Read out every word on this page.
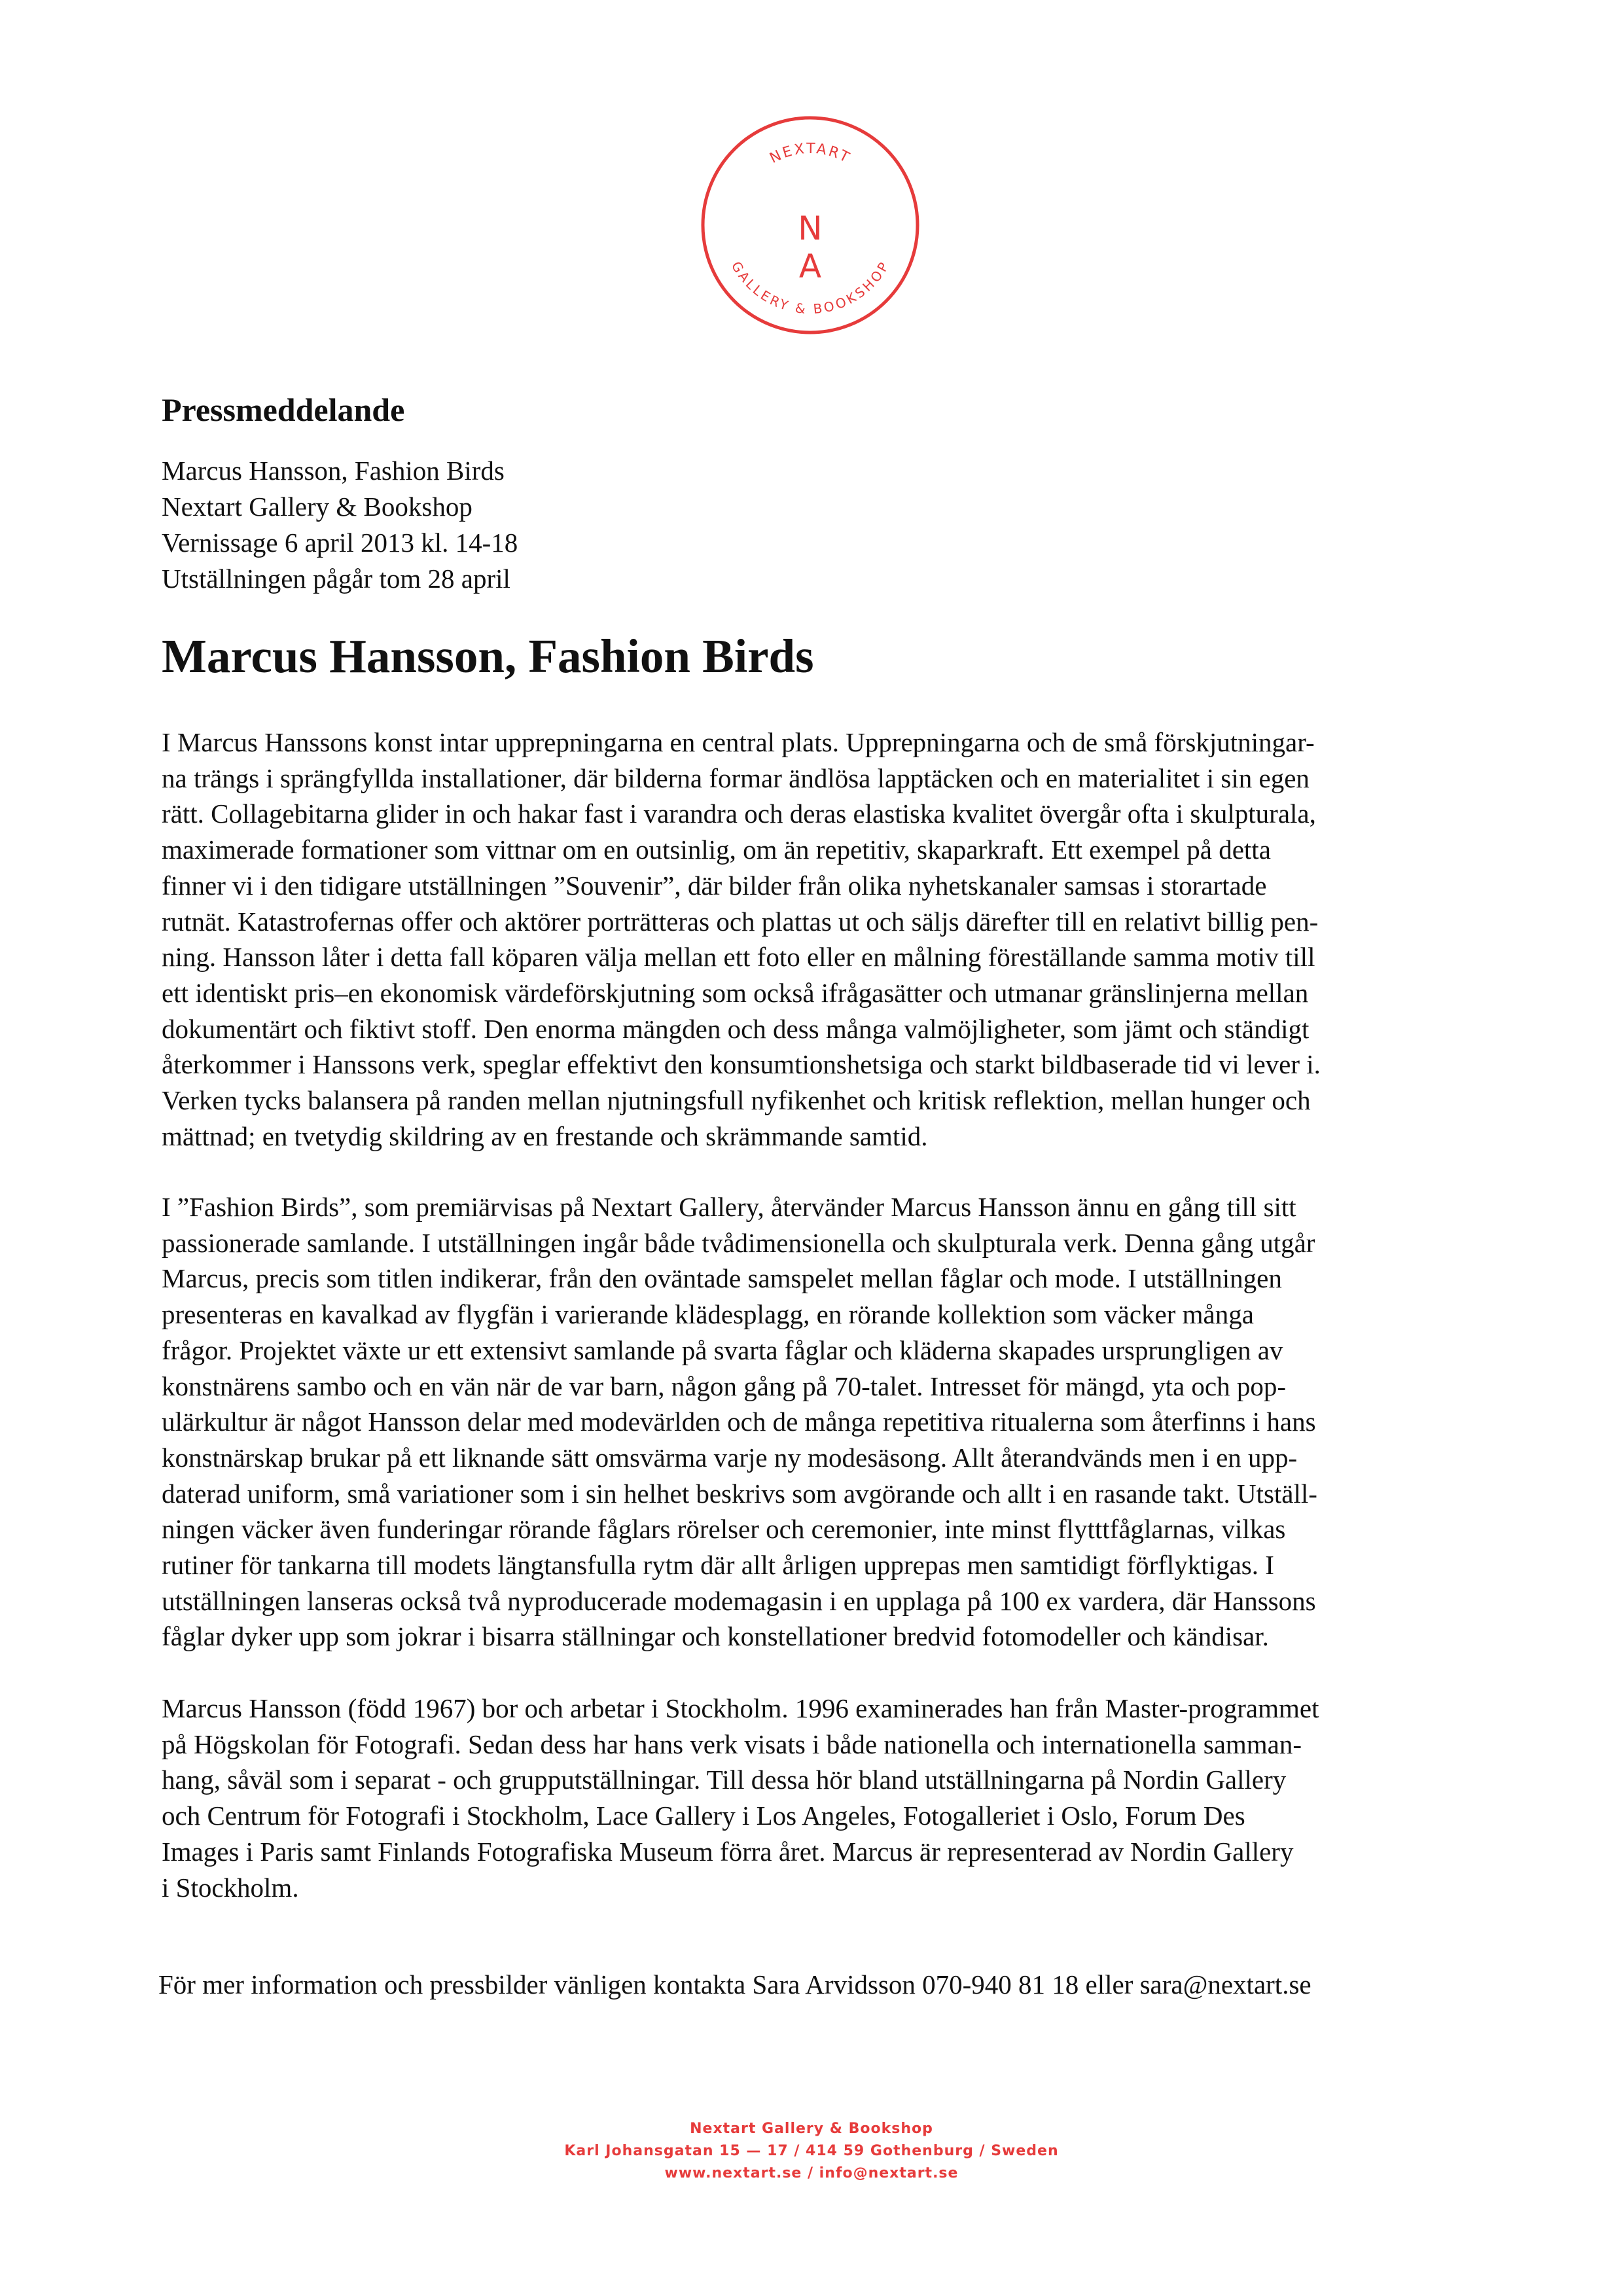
NEXTART
N
A
GALLERY & BOOKSHOP
Pressmeddelande
Marcus Hansson, Fashion Birds
Nextart Gallery & Bookshop
Vernissage 6 april 2013 kl. 14-18
Utställningen pågår tom 28 april
Marcus Hansson, Fashion Birds
I Marcus Hanssons konst intar upprepningarna en central plats. Upprepningarna och de små förskjutningar-
na trängs i sprängfyllda installationer, där bilderna formar ändlösa lapptäcken och en materialitet i sin egen
rätt. Collagebitarna glider in och hakar fast i varandra och deras elastiska kvalitet övergår ofta i skulpturala,
maximerade formationer som vittnar om en outsinlig, om än repetitiv, skaparkraft. Ett exempel på detta
finner vi i den tidigare utställningen ”Souvenir”, där bilder från olika nyhetskanaler samsas i storartade
rutnät. Katastrofernas offer och aktörer porträtteras och plattas ut och säljs därefter till en relativt billig pen-
ning. Hansson låter i detta fall köparen välja mellan ett foto eller en målning föreställande samma motiv till
ett identiskt pris–en ekonomisk värdeförskjutning som också ifrågasätter och utmanar gränslinjerna mellan
dokumentärt och fiktivt stoff. Den enorma mängden och dess många valmöjligheter, som jämt och ständigt
återkommer i Hanssons verk, speglar effektivt den konsumtionshetsiga och starkt bildbaserade tid vi lever i.
Verken tycks balansera på randen mellan njutningsfull nyfikenhet och kritisk reflektion, mellan hunger och
mättnad; en tvetydig skildring av en frestande och skrämmande samtid.
I ”Fashion Birds”, som premiärvisas på Nextart Gallery, återvänder Marcus Hansson ännu en gång till sitt
passionerade samlande. I utställningen ingår både tvådimensionella och skulpturala verk. Denna gång utgår
Marcus, precis som titlen indikerar, från den oväntade samspelet mellan fåglar och mode. I utställningen
presenteras en kavalkad av flygfän i varierande klädesplagg, en rörande kollektion som väcker många
frågor. Projektet växte ur ett extensivt samlande på svarta fåglar och kläderna skapades ursprungligen av
konstnärens sambo och en vän när de var barn, någon gång på 70-talet. Intresset för mängd, yta och pop-
ulärkultur är något Hansson delar med modevärlden och de många repetitiva ritualerna som återfinns i hans
konstnärskap brukar på ett liknande sätt omsvärma varje ny modesäsong. Allt återandvänds men i en upp-
daterad uniform, små variationer som i sin helhet beskrivs som avgörande och allt i en rasande takt. Utställ-
ningen väcker även funderingar rörande fåglars rörelser och ceremonier, inte minst flytttfåglarnas, vilkas
rutiner för tankarna till modets längtansfulla rytm där allt årligen upprepas men samtidigt förflyktigas. I
utställningen lanseras också två nyproducerade modemagasin i en upplaga på 100 ex vardera, där Hanssons
fåglar dyker upp som jokrar i bisarra ställningar och konstellationer bredvid fotomodeller och kändisar.
Marcus Hansson (född 1967) bor och arbetar i Stockholm. 1996 examinerades han från Master-programmet
på Högskolan för Fotografi. Sedan dess har hans verk visats i både nationella och internationella samman-
hang, såväl som i separat - och grupputställningar. Till dessa hör bland utställningarna på Nordin Gallery
och Centrum för Fotografi i Stockholm, Lace Gallery i Los Angeles, Fotogalleriet i Oslo, Forum Des
Images i Paris samt Finlands Fotografiska Museum förra året. Marcus är representerad av Nordin Gallery
i Stockholm.
För mer information och pressbilder vänligen kontakta Sara Arvidsson 070-940 81 18 eller sara@nextart.se
Nextart Gallery & Bookshop
Karl Johansgatan 15 — 17 / 414 59 Gothenburg / Sweden
www.nextart.se / info@nextart.se
